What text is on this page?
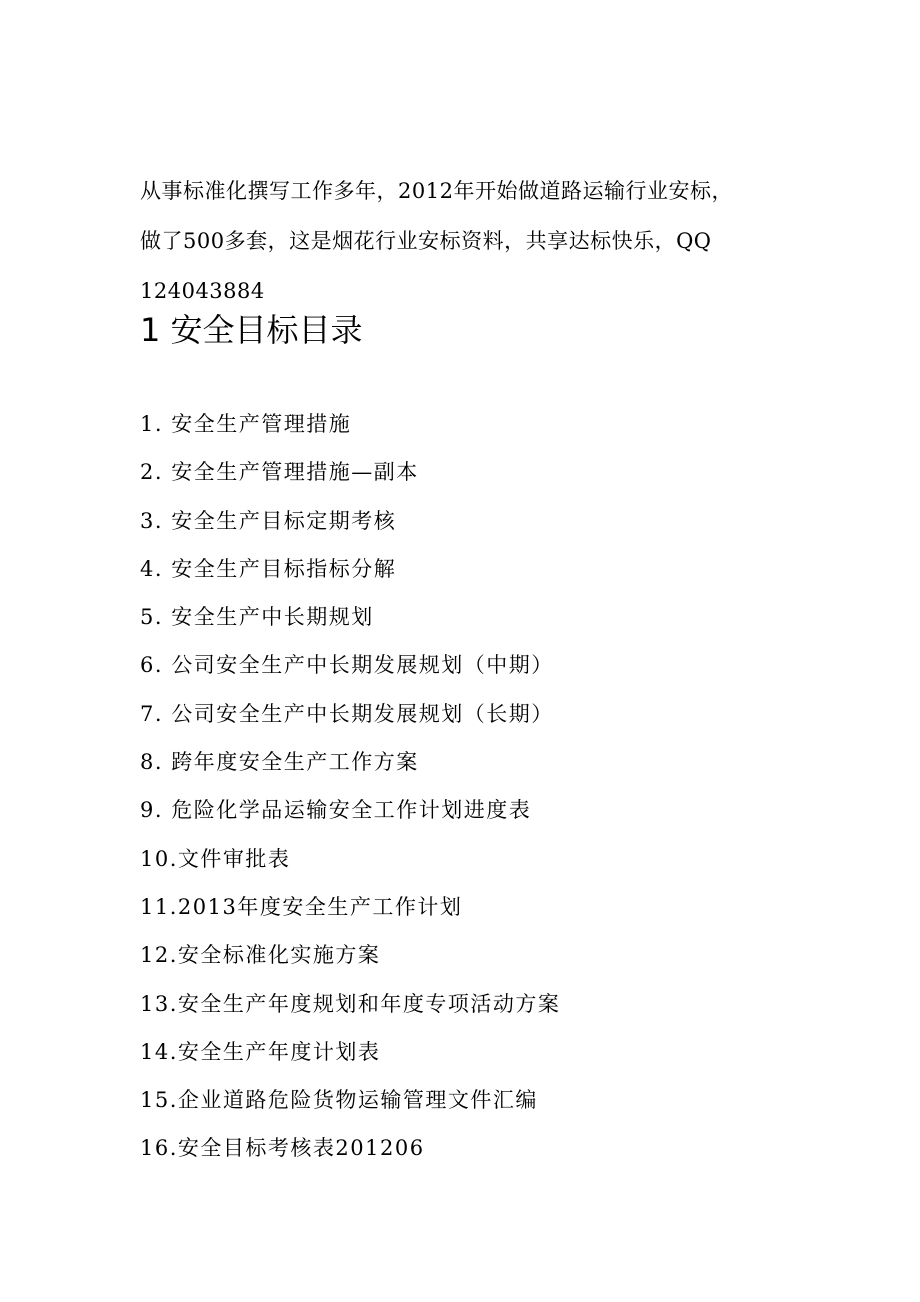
从事标准化撰写工作多年，2012年开始做道路运输行业安标，

做了500多套，这是烟花行业安标资料，共享达标快乐，QQ

124043884

1 安全目标目录
1. 安全生产管理措施
2. 安全生产管理措施—副本
3. 安全生产目标定期考核
4. 安全生产目标指标分解
5. 安全生产中长期规划
6. 公司安全生产中长期发展规划（中期）
7. 公司安全生产中长期发展规划（长期）
8. 跨年度安全生产工作方案
9. 危险化学品运输安全工作计划进度表
10.文件审批表
11.2013年度安全生产工作计划
12.安全标准化实施方案
13.安全生产年度规划和年度专项活动方案
14.安全生产年度计划表
15.企业道路危险货物运输管理文件汇编
16.安全目标考核表201206
